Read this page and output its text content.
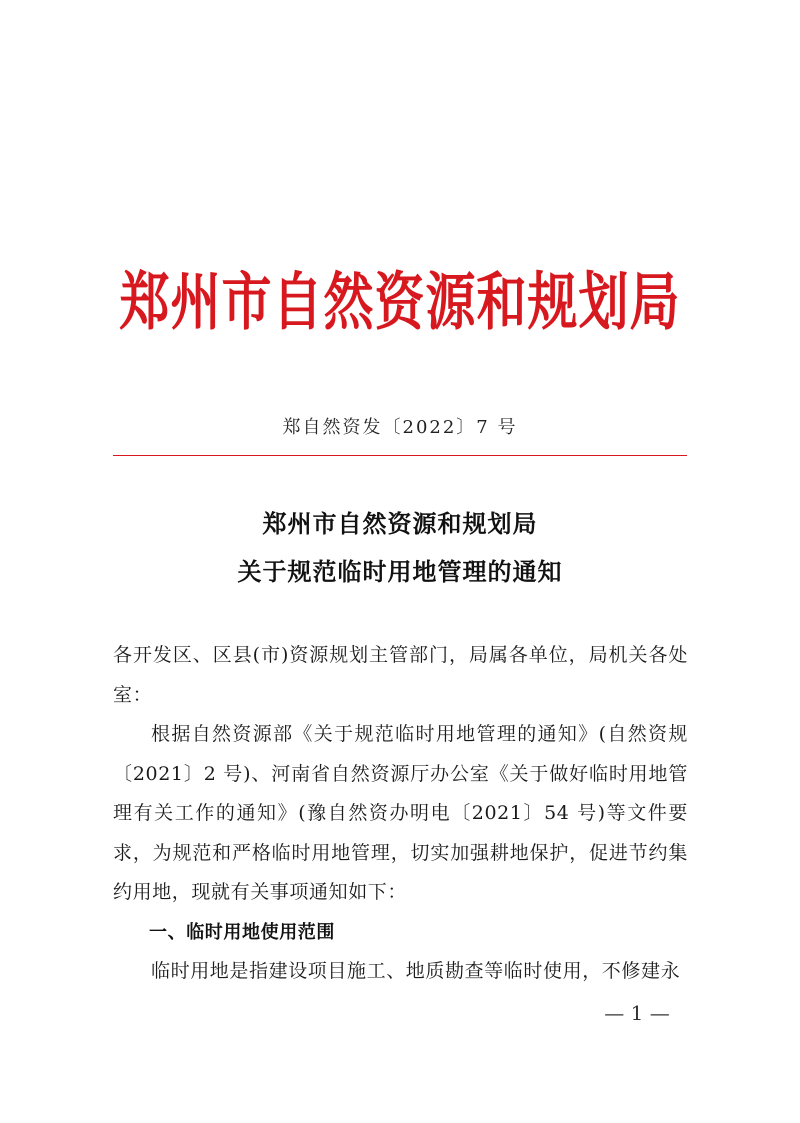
郑州市自然资源和规划局
郑自然资发〔2022〕7 号
郑州市自然资源和规划局
关于规范临时用地管理的通知

各开发区、区县(市)资源规划主管部门，局属各单位，局机关各处室：

根据自然资源部《关于规范临时用地管理的通知》(自然资规〔2021〕2 号)、河南省自然资源厅办公室《关于做好临时用地管理有关工作的通知》(豫自然资办明电〔2021〕54 号)等文件要求，为规范和严格临时用地管理，切实加强耕地保护，促进节约集约用地，现就有关事项通知如下：

一、临时用地使用范围

临时用地是指建设项目施工、地质勘查等临时使用，不修建永

— 1 —
